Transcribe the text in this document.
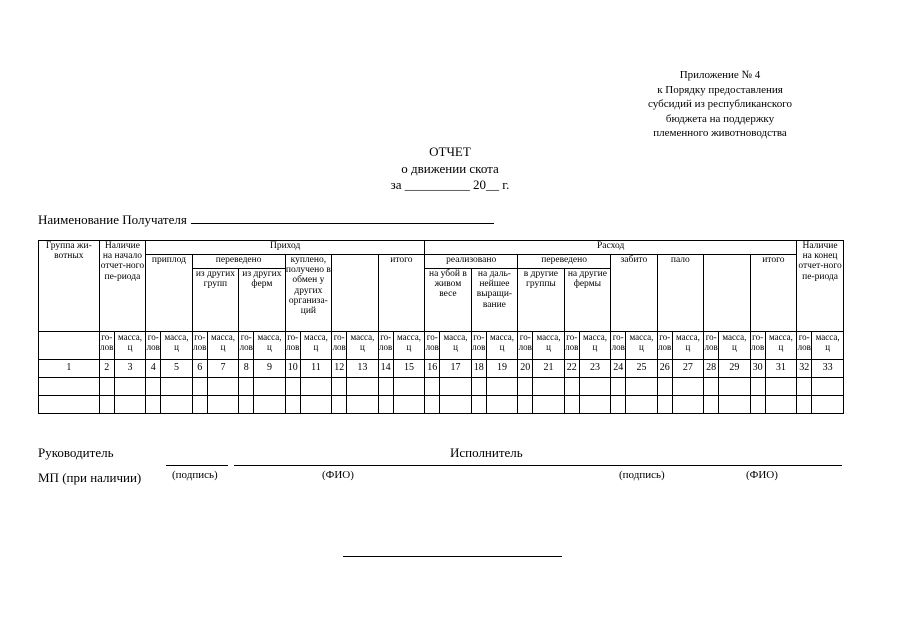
Приложение № 4
к Порядку предоставления
субсидий из республиканского
бюджета на поддержку
племенного животноводства
ОТЧЕТ
о движении скота
за __________ 20__ г.
Наименование Получателя
Группа жи-вотных	Наличие на начало отчет-ного пе-риода		Приход												Расход																Наличие на конец отчет-ного пе-риода	
			приплод		переведено				куплено, получено в обмен у других организа-ций				итого		реализовано				переведено				забито		пало				итого			
					из других групп		из других ферм								на убой в живом весе		на даль-нейшее выращи-вание		в другие группы		на другие фермы											
	го-лов	масса, ц	го-лов	масса, ц	го-лов	масса, ц	го-лов	масса, ц	го-лов	масса, ц	го-лов	масса, ц	го-лов	масса, ц	го-лов	масса, ц	го-лов	масса, ц	го-лов	масса, ц	го-лов	масса, ц	го-лов	масса, ц	го-лов	масса, ц	го-лов	масса, ц	го-лов	масса, ц	го-лов	масса, ц
1	2	3	4	5	6	7	8	9	10	11	12	13	14	15	16	17	18	19	20	21	22	23	24	25	26	27	28	29	30	31	32	33

Руководитель
МП (при наличии)
Исполнитель
(подпись)	(ФИО)	(подпись)	(ФИО)
